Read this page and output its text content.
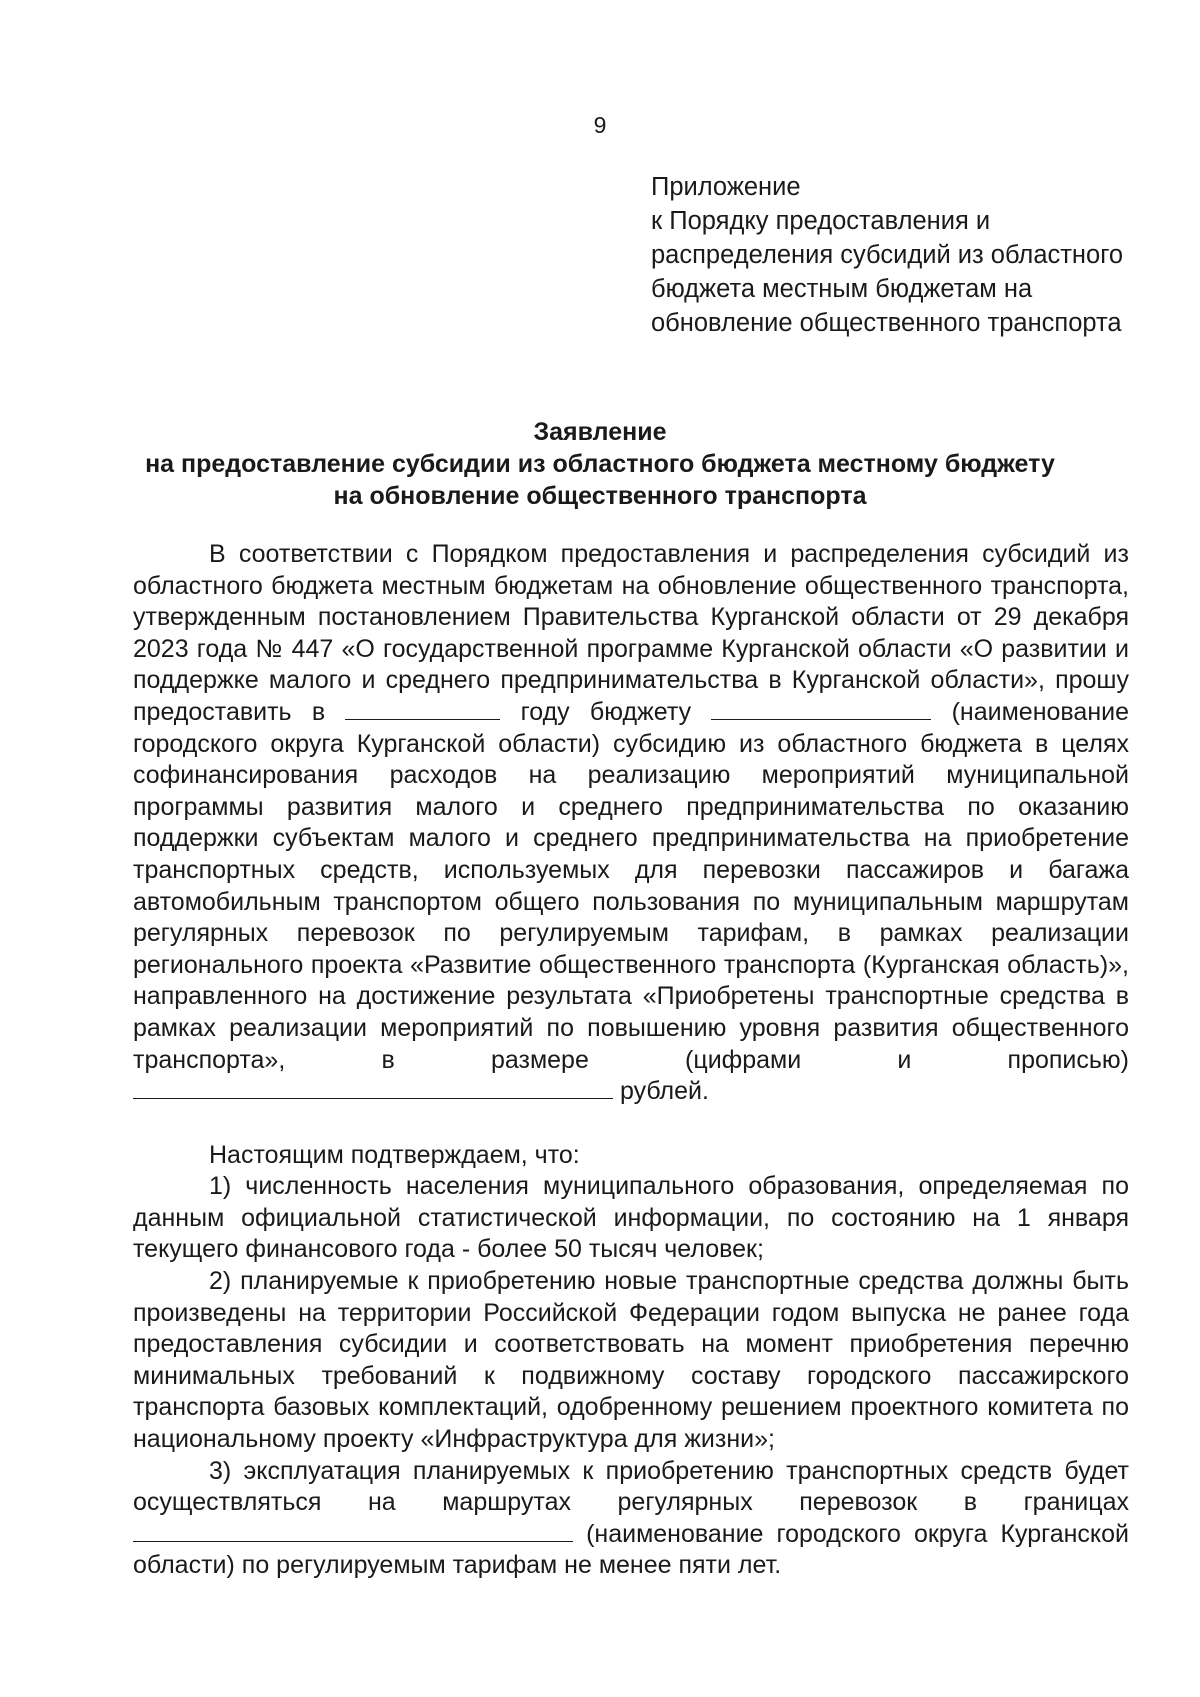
9
Приложение
к Порядку предоставления и
распределения субсидий из областного
бюджета местным бюджетам на
обновление общественного транспорта
Заявление
на предоставление субсидии из областного бюджета местному бюджету
на обновление общественного транспорта
В соответствии с Порядком предоставления и распределения субсидий из областного бюджета местным бюджетам на обновление общественного транспорта, утвержденным постановлением Правительства Курганской области от 29 декабря 2023 года № 447 «О государственной программе Курганской области «О развитии и поддержке малого и среднего предпринимательства в Курганской области», прошу предоставить в	году бюджету	(наименование городского округа Курганской области) субсидию из областного бюджета в целях софинансирования расходов на реализацию мероприятий муниципальной программы развития малого и среднего предпринимательства по оказанию поддержки субъектам малого и среднего предпринимательства на приобретение транспортных средств, используемых для перевозки пассажиров и багажа автомобильным транспортом общего пользования по муниципальным маршрутам регулярных перевозок по регулируемым тарифам, в рамках реализации регионального проекта «Развитие общественного транспорта (Курганская область)», направленного на достижение результата «Приобретены транспортные средства в рамках реализации мероприятий по повышению уровня развития общественного транспорта», в размере (цифрами и прописью)  рублей.
Настоящим подтверждаем, что:
1) численность населения муниципального образования, определяемая по данным официальной статистической информации, по состоянию на 1 января текущего финансового года - более 50 тысяч человек;
2) планируемые к приобретению новые транспортные средства должны быть произведены на территории Российской Федерации годом выпуска не ранее года предоставления субсидии и соответствовать на момент приобретения перечню минимальных требований к подвижному составу городского пассажирского транспорта базовых комплектаций, одобренному решением проектного комитета по национальному проекту «Инфраструктура для жизни»;
3) эксплуатация планируемых к приобретению транспортных средств будет осуществляться на маршрутах регулярных перевозок в границах  (наименование городского округа Курганской области) по регулируемым тарифам не менее пяти лет.
